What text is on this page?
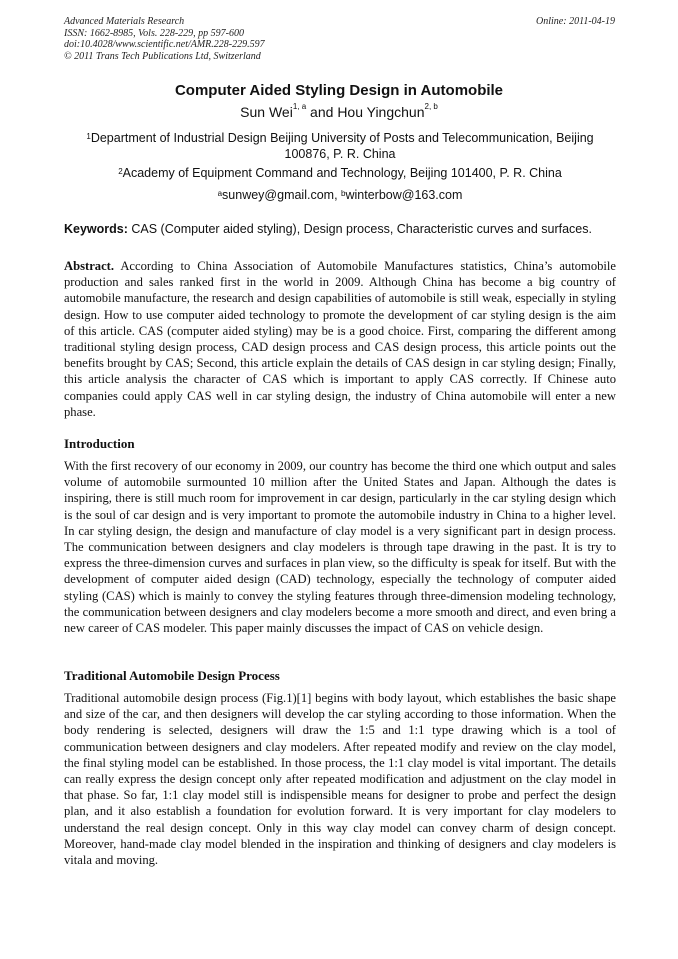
Advanced Materials Research
ISSN: 1662-8985, Vols. 228-229, pp 597-600
doi:10.4028/www.scientific.net/AMR.228-229.597
© 2011 Trans Tech Publications Ltd, Switzerland
Online: 2011-04-19
Computer Aided Styling Design in Automobile
Sun Wei$^{1, a}$ and Hou Yingchun$^{2, b}$
$^1$Department of Industrial Design Beijing University of Posts and Telecommunication, Beijing 100876, P. R. China
$^2$Academy of Equipment Command and Technology, Beijing 101400, P. R. China
$^a$sunwey@gmail.com, $^b$winterbow@163.com
Keywords: CAS (Computer aided styling), Design process, Characteristic curves and surfaces.
Abstract. According to China Association of Automobile Manufactures statistics, China’s automobile production and sales ranked first in the world in 2009. Although China has become a big country of automobile manufacture, the research and design capabilities of automobile is still weak, especially in styling design. How to use computer aided technology to promote the development of car styling design is the aim of this article. CAS (computer aided styling) may be is a good choice. First, comparing the different among traditional styling design process, CAD design process and CAS design process, this article points out the benefits brought by CAS; Second, this article explain the details of CAS design in car styling design; Finally, this article analysis the character of CAS which is important to apply CAS correctly. If Chinese auto companies could apply CAS well in car styling design, the industry of China automobile will enter a new phase.
Introduction
With the first recovery of our economy in 2009, our country has become the third one which output and sales volume of automobile surmounted 10 million after the United States and Japan. Although the dates is inspiring, there is still much room for improvement in car design, particularly in the car styling design which is the soul of car design and is very important to promote the automobile industry in China to a higher level. In car styling design, the design and manufacture of clay model is a very significant part in design process. The communication between designers and clay modelers is through tape drawing in the past. It is try to express the three-dimension curves and surfaces in plan view, so the difficulty is speak for itself. But with the development of computer aided design (CAD) technology, especially the technology of computer aided styling (CAS) which is mainly to convey the styling features through three-dimension modeling technology, the communication between designers and clay modelers become a more smooth and direct, and even bring a new career of CAS modeler. This paper mainly discusses the impact of CAS on vehicle design.
Traditional Automobile Design Process
Traditional automobile design process (Fig.1)[1] begins with body layout, which establishes the basic shape and size of the car, and then designers will develop the car styling according to those information. When the body rendering is selected, designers will draw the 1:5 and 1:1 type drawing which is a tool of communication between designers and clay modelers. After repeated modify and review on the clay model, the final styling model can be established. In those process, the 1:1 clay model is vital important. The details can really express the design concept only after repeated modification and adjustment on the clay model in that phase. So far, 1:1 clay model still is indispensible means for designer to probe and perfect the design plan, and it also establish a foundation for evolution forward. It is very important for clay modelers to understand the real design concept. Only in this way clay model can convey charm of design concept. Moreover, hand-made clay model blended in the inspiration and thinking of designers and clay modelers is vitala and moving.
